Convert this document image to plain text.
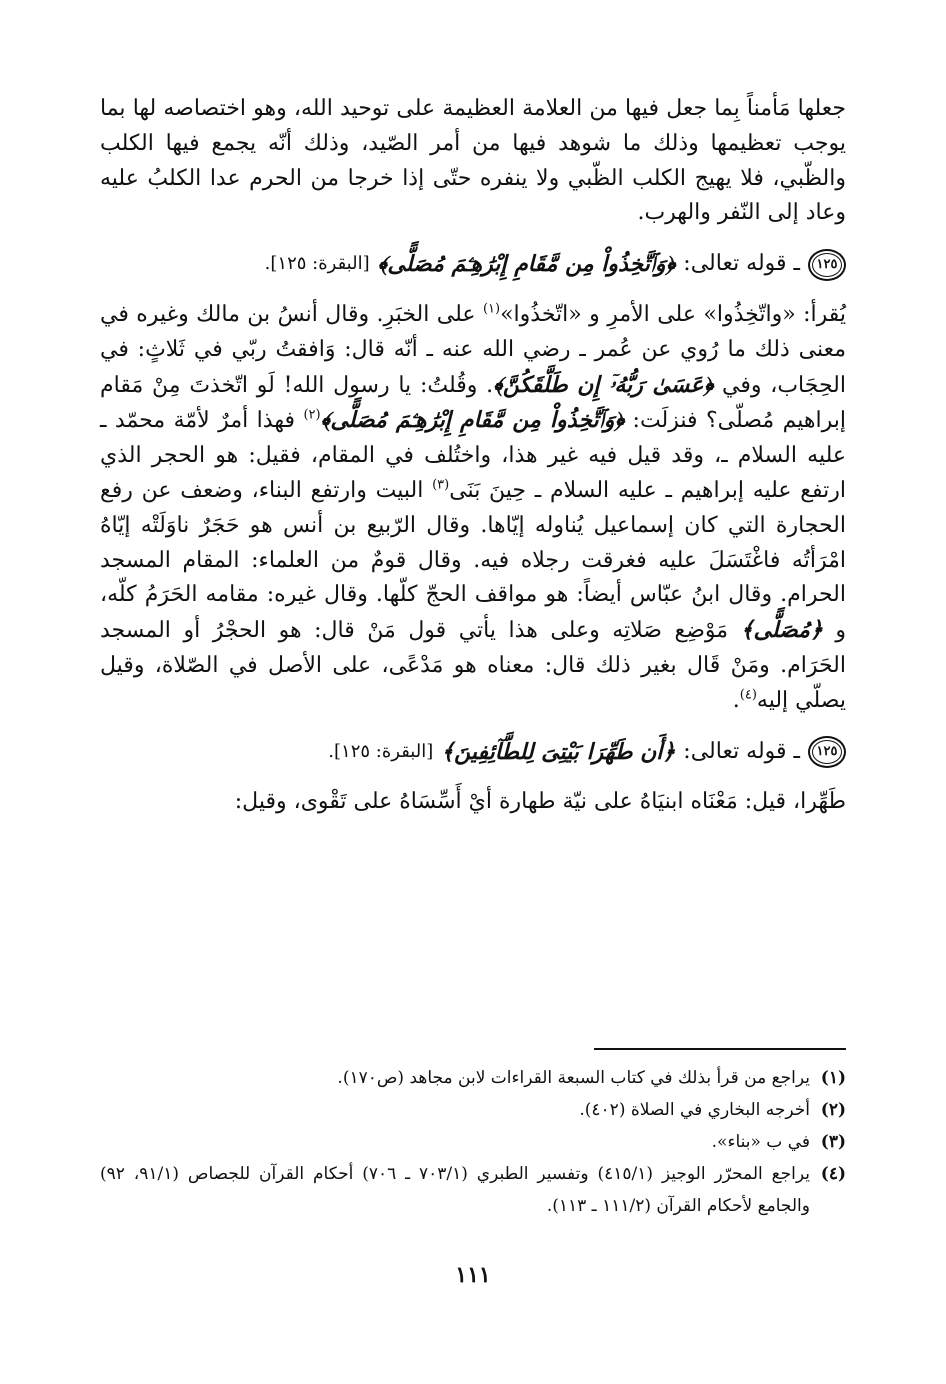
جعلها مَأمناً بِما جعل فيها من العلامة العظيمة على توحيد الله، وهو اختصاصه لها بما يوجب تعظيمها وذلك ما شوهد فيها من أمر الصّيد، وذلك أنّه يجمع فيها الكلب والظّبي، فلا يهيج الكلب الظّبي ولا ينفره حتّى إذا خرجا من الحرم عدا الكلبُ عليه وعاد إلى النّفر والهرب.

١٢٥
ـ قوله تعالى:
﴿وَٱتَّخِذُواْ مِن مَّقَامِ إِبْرَٰهِـۧمَ مُصَلًّى﴾
[البقرة: ١٢٥].

يُقرأ: «واتّخِذُوا» على الأمرِ و «اتّخذُوا»$^{(١)}$ على الخبَرِ. وقال أنسُ بن مالك وغيره في معنى ذلك ما رُوي عن عُمر ـ رضي الله عنه ـ أنّه قال: وَافقتُ ربّي في ثَلاثٍ: في الحِجَاب، وفي ﴿عَسَىٰ رَبُّهُۥٓ إِن طَلَّقَكُنَّ﴾. وقُلتُ: يا رسول الله! لَو اتّخذتَ مِنْ مَقام إبراهيم مُصلّى؟ فنزلَت: ﴿وَٱتَّخِذُواْ مِن مَّقَامِ إِبْرَٰهِـۧمَ مُصَلًّى﴾$^{(٢)}$ فهذا أمرٌ لأمّة محمّد ـ عليه السلام ـ، وقد قيل فيه غير هذا، واختُلف في المقام، فقيل: هو الحجر الذي ارتفع عليه إبراهيم ـ عليه السلام ـ حِينَ بَنَى$^{(٣)}$ البيت وارتفع البناء، وضعف عن رفع الحجارة التي كان إسماعيل يُناوله إيّاها. وقال الرّبيع بن أنس هو حَجَرٌ ناوَلَتْه إيّاهُ امْرَأتُه فاغْتَسَلَ عليه فغرقت رجلاه فيه. وقال قومٌ من العلماء: المقام المسجد الحرام. وقال ابنُ عبّاس أيضاً: هو مواقف الحجّ كلّها. وقال غيره: مقامه الحَرَمُ كلّه، و ﴿مُصَلًّى﴾ مَوْضِع صَلاتِه وعلى هذا يأتي قول مَنْ قال: هو الحجْرُ أو المسجد الحَرَام. ومَنْ قَال بغير ذلك قال: معناه هو مَدْعًى، على الأصل في الصّلاة، وقيل يصلّي إليه$^{(٤)}$.

١٢٥
ـ قوله تعالى:
﴿أَن طَهِّرَا بَيْتِىَ لِلطَّآئِفِينَ﴾
[البقرة: ١٢٥].

طَهِّرا، قيل: مَعْنَاه ابنيَاهُ على نيّة طهارة أيْ أَسِّسَاهُ على تَقْوى، وقيل:

(١)
يراجع من قرأ بذلك في كتاب السبعة القراءات لابن مجاهد (ص١٧٠).
(٢)
أخرجه البخاري في الصلاة (٤٠٢).
(٣)
في ب «بناء».
(٤)
يراجع المحرّر الوجيز (٤١٥/١) وتفسير الطبري (٧٠٣/١ ـ ٧٠٦) أحكام القرآن للجصاص (٩١/١، ٩٢) والجامع لأحكام القرآن (١١١/٢ ـ ١١٣).
١١١
